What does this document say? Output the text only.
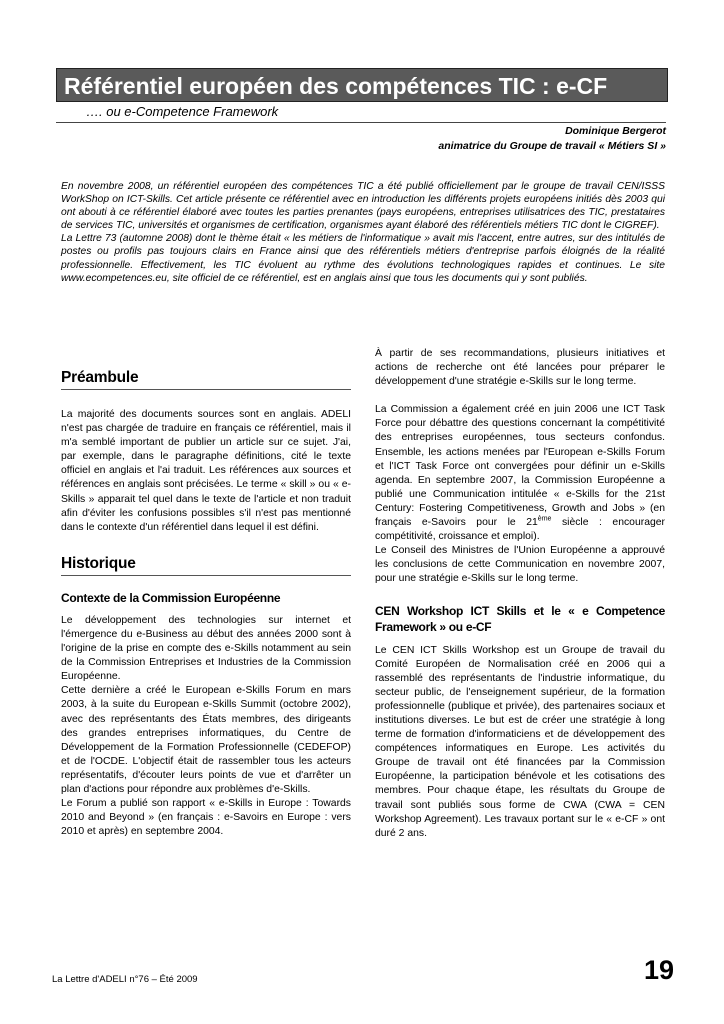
Référentiel européen des compétences TIC : e-CF
…. ou e-Competence Framework
Dominique Bergerot
animatrice du Groupe de travail « Métiers SI »

En novembre 2008, un référentiel européen des compétences TIC a été publié officiellement par le groupe de travail CEN/ISSS WorkShop on ICT-Skills. Cet article présente ce référentiel avec en introduction les différents projets européens initiés dès 2003 qui ont abouti à ce référentiel élaboré avec toutes les parties prenantes (pays européens, entreprises utilisatrices des TIC, prestataires de services TIC, universités et organismes de certification, organismes ayant élaboré des référentiels métiers TIC dont le CIGREF).

La Lettre 73 (automne 2008) dont le thème était « les métiers de l'informatique » avait mis l'accent, entre autres, sur des intitulés de postes ou profils pas toujours clairs en France ainsi que des référentiels métiers d'entreprise parfois éloignés de la réalité professionnelle. Effectivement, les TIC évoluent au rythme des évolutions technologiques rapides et continues. Le site www.ecompetences.eu, site officiel de ce référentiel, est en anglais ainsi que tous les documents qui y sont publiés.

Préambule

La majorité des documents sources sont en anglais. ADELI n'est pas chargée de traduire en français ce référentiel, mais il m'a semblé important de publier un article sur ce sujet. J'ai, par exemple, dans le paragraphe définitions, cité le texte officiel en anglais et l'ai traduit. Les références aux sources et références en anglais sont précisées. Le terme « skill » ou « e-Skills » apparait tel quel dans le texte de l'article et non traduit afin d'éviter les confusions possibles s'il n'est pas mentionné dans le contexte d'un référentiel dans lequel il est défini.

Historique
Contexte de la Commission Européenne

Le développement des technologies sur internet et l'émergence du e-Business au début des années 2000 sont à l'origine de la prise en compte des e-Skills notamment au sein de la Commission Entreprises et Industries de la Commission Européenne.

Cette dernière a créé le European e-Skills Forum en mars 2003, à la suite du European e-Skills Summit (octobre 2002), avec des représentants des États membres, des dirigeants des grandes entreprises informatiques, du Centre de Développement de la Formation Professionnelle (CEDEFOP) et de l'OCDE. L'objectif était de rassembler tous les acteurs représentatifs, d'écouter leurs points de vue et d'arrêter un plan d'actions pour répondre aux problèmes d'e-Skills.

Le Forum a publié son rapport « e-Skills in Europe : Towards 2010 and Beyond » (en français : e-Savoirs en Europe : vers 2010 et après) en septembre 2004.

À partir de ses recommandations, plusieurs initiatives et actions de recherche ont été lancées pour préparer le développement d'une stratégie e-Skills sur le long terme.

La Commission a également créé en juin 2006 une ICT Task Force pour débattre des questions concernant la compétitivité des entreprises européennes, tous secteurs confondus. Ensemble, les actions menées par l'European e-Skills Forum et l'ICT Task Force ont convergées pour définir un e-Skills agenda. En septembre 2007, la Commission Européenne a publié une Communication intitulée « e-Skills for the 21st Century: Fostering Competitiveness, Growth and Jobs » (en français e-Savoirs pour le 21ème siècle : encourager compétitivité, croissance et emploi).

Le Conseil des Ministres de l'Union Européenne a approuvé les conclusions de cette Communication en novembre 2007, pour une stratégie e-Skills sur le long terme.

CEN Workshop ICT Skills et le « e Competence Framework » ou e-CF

Le CEN ICT Skills Workshop est un Groupe de travail du Comité Européen de Normalisation créé en 2006 qui a rassemblé des représentants de l'industrie informatique, du secteur public, de l'enseignement supérieur, de la formation professionnelle (publique et privée), des partenaires sociaux et institutions diverses. Le but est de créer une stratégie à long terme de formation d'informaticiens et de développement des compétences informatiques en Europe. Les activités du Groupe de travail ont été financées par la Commission Européenne, la participation bénévole et les cotisations des membres. Pour chaque étape, les résultats du Groupe de travail sont publiés sous forme de CWA (CWA = CEN Workshop Agreement). Les travaux portant sur le « e-CF » ont duré 2 ans.

La Lettre d'ADELI n°76 – Été 2009	19
